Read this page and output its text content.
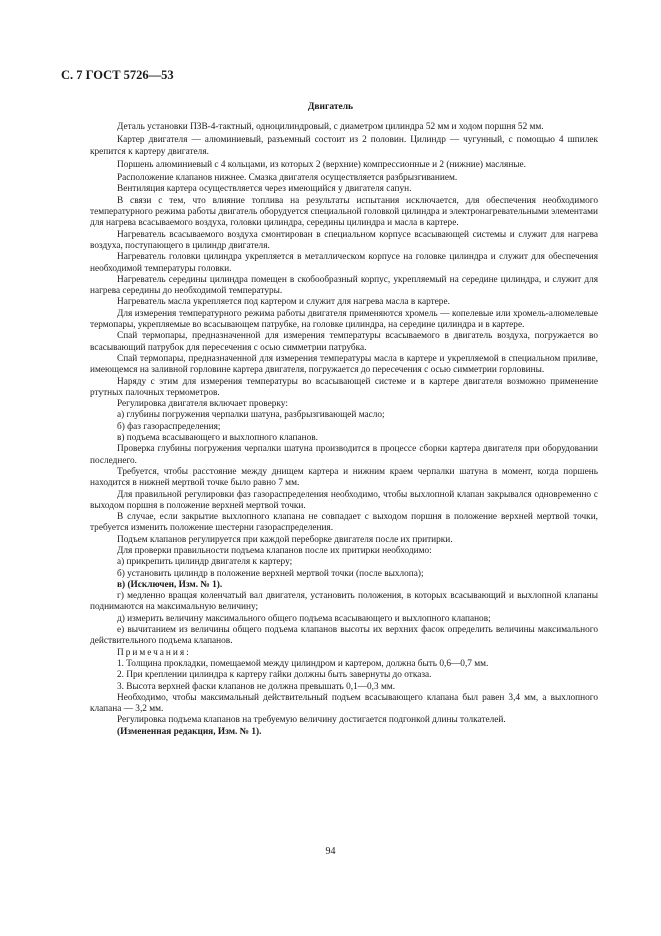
С. 7 ГОСТ 5726—53
Двигатель

Деталь установки ПЗВ-4-тактный, одноцилиндровый, с диаметром цилиндра 52 мм и ходом поршня 52 мм.

Картер двигателя — алюминиевый, разъемный состоит из 2 половин. Цилиндр — чугунный, с помощью 4 шпилек крепится к картеру двигателя.

Поршень алюминиевый с 4 кольцами, из которых 2 (верхние) компрессионные и 2 (нижние) масляные.

Расположение клапанов нижнее. Смазка двигателя осуществляется разбрызгиванием.

Вентиляция картера осуществляется через имеющийся у двигателя сапун.

В связи с тем, что влияние топлива на результаты испытания исключается, для обеспечения необходимого температурного режима работы двигатель оборудуется специальной головкой цилиндра и электронагревательными элементами для нагрева всасываемого воздуха, головки цилиндра, середины цилиндра и масла в картере.

Нагреватель всасываемого воздуха смонтирован в специальном корпусе всасывающей системы и служит для нагрева воздуха, поступающего в цилиндр двигателя.

Нагреватель головки цилиндра укрепляется в металлическом корпусе на головке цилиндра и служит для обеспечения необходимой температуры головки.

Нагреватель середины цилиндра помещен в скобообразный корпус, укрепляемый на середине цилиндра, и служит для нагрева середины до необходимой температуры.

Нагреватель масла укрепляется под картером и служит для нагрева масла в картере.

Для измерения температурного режима работы двигателя применяются хромель — копелевые или хромель-алюмелевые термопары, укрепляемые во всасывающем патрубке, на головке цилиндра, на середине цилиндра и в картере.

Спай термопары, предназначенной для измерения температуры всасываемого в двигатель воздуха, погружается во всасывающий патрубок для пересечения с осью симметрии патрубка.

Спай термопары, предназначенной для измерения температуры масла в картере и укрепляемой в специальном приливе, имеющемся на заливной горловине картера двигателя, погружается до пересечения с осью симметрии горловины.

Наряду с этим для измерения температуры во всасывающей системе и в картере двигателя возможно применение ртутных палочных термометров.

Регулировка двигателя включает проверку:

а) глубины погружения черпалки шатуна, разбрызгивающей масло;

б) фаз газораспределения;

в) подъема всасывающего и выхлопного клапанов.

Проверка глубины погружения черпалки шатуна производится в процессе сборки картера двигателя при оборудовании последнего.

Требуется, чтобы расстояние между днищем картера и нижним краем черпалки шатуна в момент, когда поршень находится в нижней мертвой точке было равно 7 мм.

Для правильной регулировки фаз газораспределения необходимо, чтобы выхлопной клапан закрывался одновременно с выходом поршня в положение верхней мертвой точки.

В случае, если закрытие выхлопного клапана не совпадает с выходом поршня в положение верхней мертвой точки, требуется изменить положение шестерни газораспределения.

Подъем клапанов регулируется при каждой переборке двигателя после их притирки.

Для проверки правильности подъема клапанов после их притирки необходимо:

а) прикрепить цилиндр двигателя к картеру;

б) установить цилиндр в положение верхней мертвой точки (после выхлопа);

в) (Исключен, Изм. № 1).

г) медленно вращая коленчатый вал двигателя, установить положения, в которых всасывающий и выхлопной клапаны поднимаются на максимальную величину;

д) измерить величину максимального общего подъема всасывающего и выхлопного клапанов;

е) вычитанием из величины общего подъема клапанов высоты их верхних фасок определить величины максимального действительного подъема клапанов.

Примечания:

1. Толщина прокладки, помещаемой между цилиндром и картером, должна быть 0,6—0,7 мм.

2. При креплении цилиндра к картеру гайки должны быть завернуты до отказа.

3. Высота верхней фаски клапанов не должна превышать 0,1—0,3 мм.

Необходимо, чтобы максимальный действительный подъем всасывающего клапана был равен 3,4 мм, а выхлопного клапана — 3,2 мм.

Регулировка подъема клапанов на требуемую величину достигается подгонкой длины толкателей.

(Измененная редакция, Изм. № 1).

94
